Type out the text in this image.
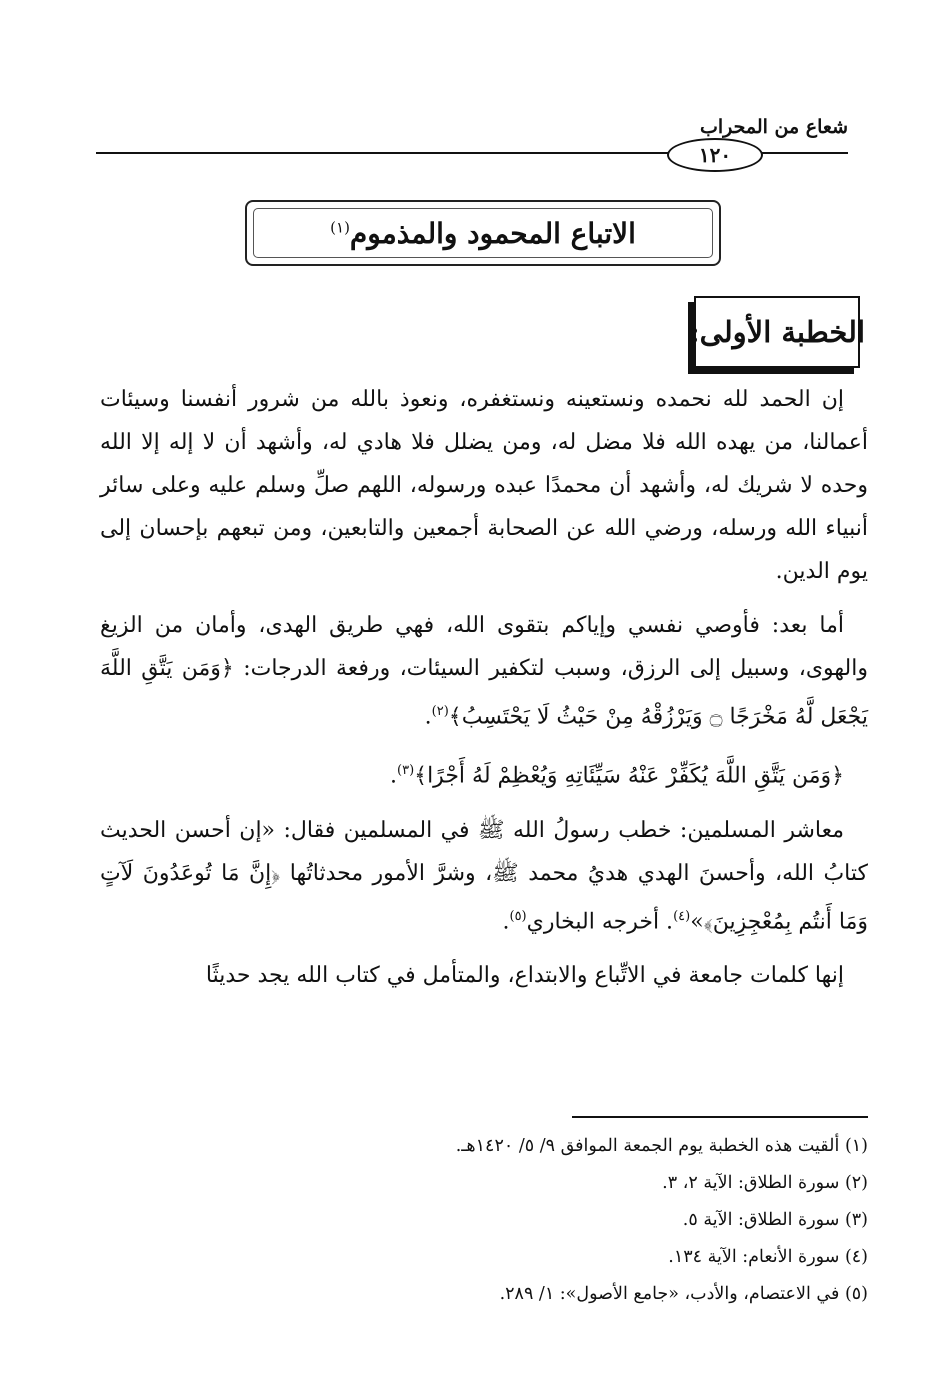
شعاع من المحراب
١٢٠
الاتباع المحمود والمذموم$^{(١)}$
الخطبة الأولى:

إن الحمد لله نحمده ونستعينه ونستغفره، ونعوذ بالله من شرور أنفسنا وسيئات أعمالنا، من يهده الله فلا مضل له، ومن يضلل فلا هادي له، وأشهد أن لا إله إلا الله وحده لا شريك له، وأشهد أن محمدًا عبده ورسوله، اللهم صلِّ وسلم عليه وعلى سائر أنبياء الله ورسله، ورضي الله عن الصحابة أجمعين والتابعين، ومن تبعهم بإحسان إلى يوم الدين.

أما بعد: فأوصي نفسي وإياكم بتقوى الله، فهي طريق الهدى، وأمان من الزيغ والهوى، وسبيل إلى الرزق، وسبب لتكفير السيئات، ورفعة الدرجات: ﴿وَمَن يَتَّقِ اللَّهَ يَجْعَل لَّهُ مَخْرَجًا ۝ وَيَرْزُقْهُ مِنْ حَيْثُ لَا يَحْتَسِبُ﴾$^{(٢)}$.

﴿وَمَن يَتَّقِ اللَّهَ يُكَفِّرْ عَنْهُ سَيِّئَاتِهِ وَيُعْظِمْ لَهُ أَجْرًا﴾$^{(٣)}$.

معاشر المسلمين: خطب رسولُ الله ﷺ في المسلمين فقال: «إن أحسن الحديث كتابُ الله، وأحسنَ الهدي هديُ محمد ﷺ، وشرَّ الأمور محدثاتُها ﴿إِنَّ مَا تُوعَدُونَ لَآتٍ وَمَا أَنتُم بِمُعْجِزِينَ﴾»$^{(٤)}$. أخرجه البخاري$^{(٥)}$.

إنها كلمات جامعة في الاتِّباع والابتداع، والمتأمل في كتاب الله يجد حديثًا

(١) ألقيت هذه الخطبة يوم الجمعة الموافق ٩/ ٥/ ١٤٢٠هـ.
(٢) سورة الطلاق: الآية ٢، ٣.
(٣) سورة الطلاق: الآية ٥.
(٤) سورة الأنعام: الآية ١٣٤.
(٥) في الاعتصام، والأدب، «جامع الأصول»: ١/ ٢٨٩.
